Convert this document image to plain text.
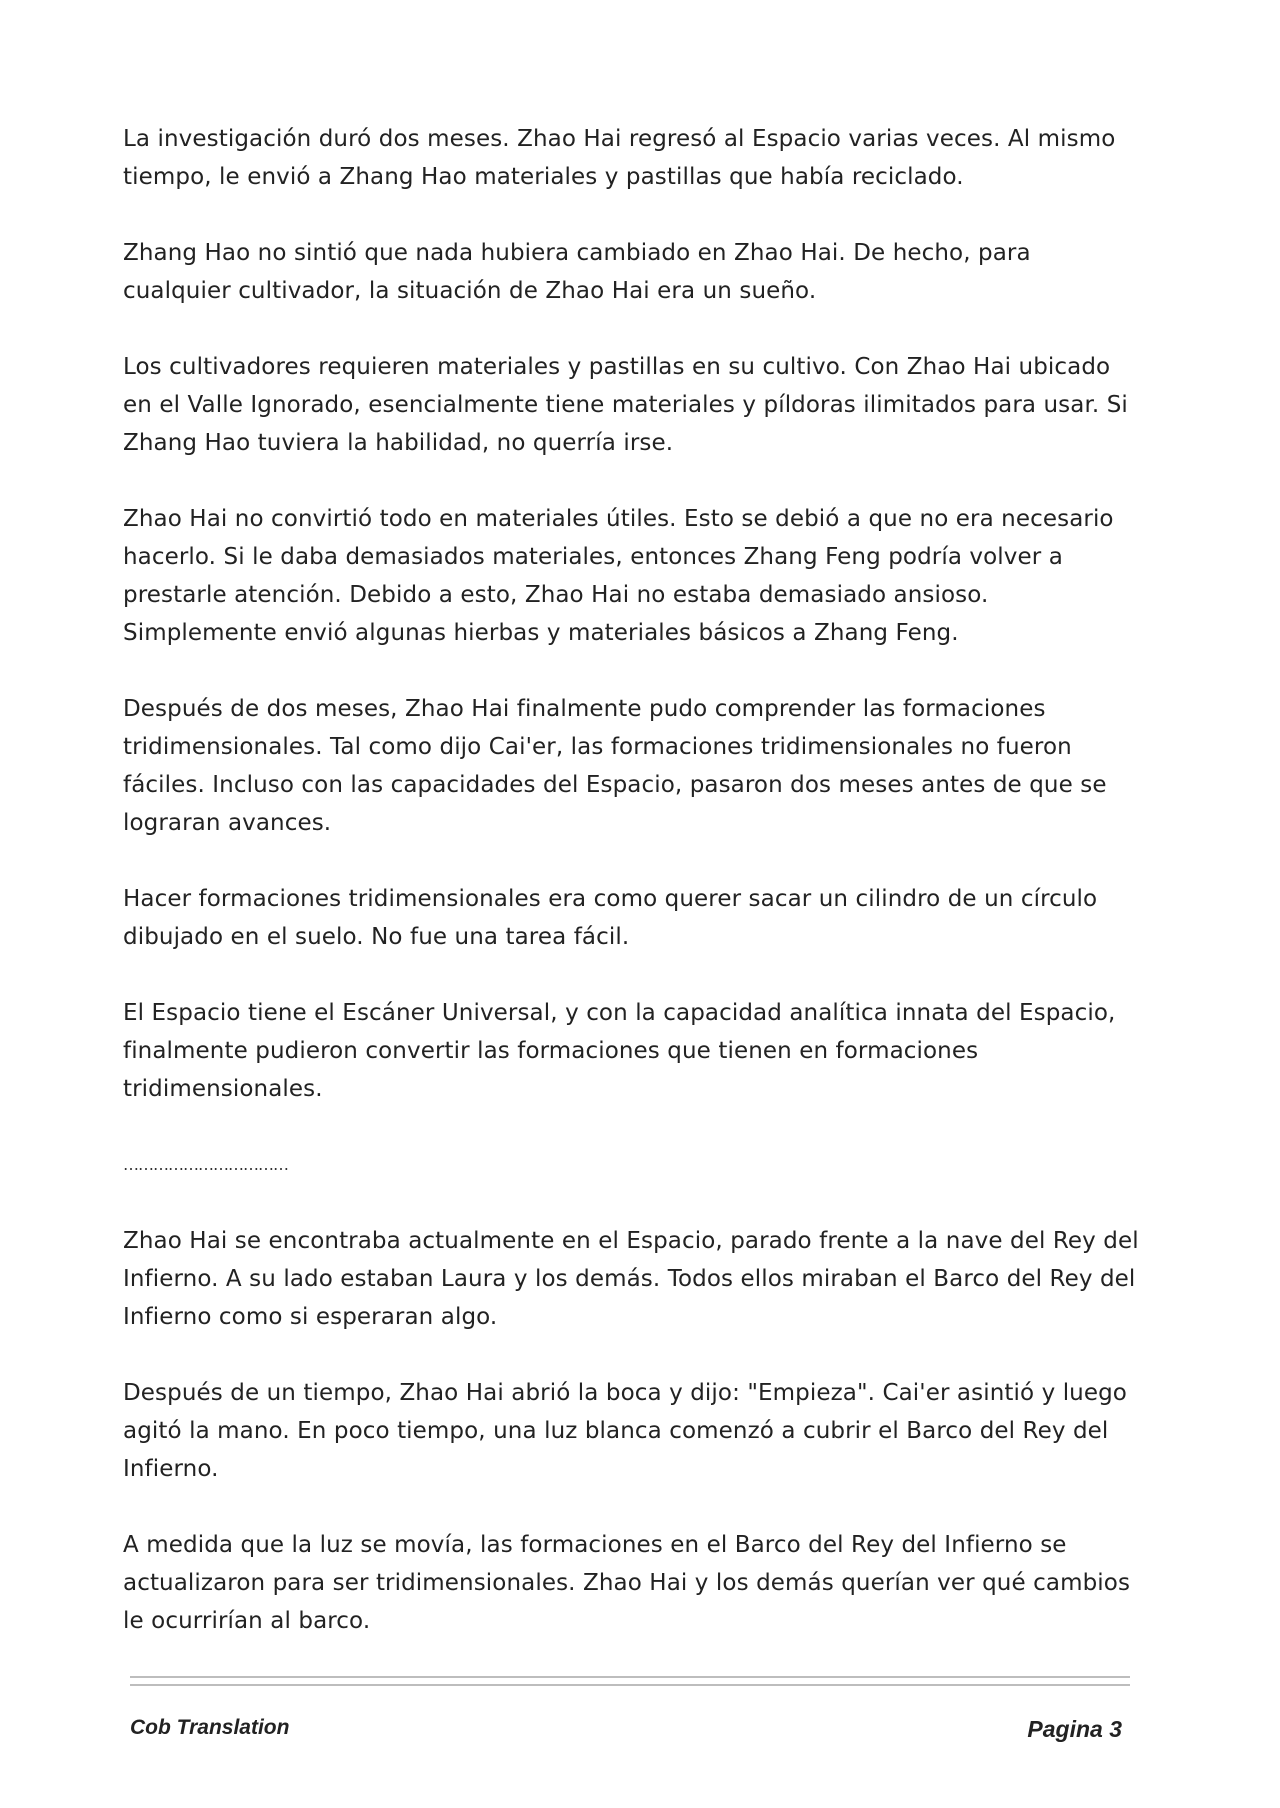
La investigación duró dos meses. Zhao Hai regresó al Espacio varias veces. Al mismo tiempo, le envió a Zhang Hao materiales y pastillas que había reciclado.

Zhang Hao no sintió que nada hubiera cambiado en Zhao Hai. De hecho, para cualquier cultivador, la situación de Zhao Hai era un sueño.

Los cultivadores requieren materiales y pastillas en su cultivo. Con Zhao Hai ubicado en el Valle Ignorado, esencialmente tiene materiales y píldoras ilimitados para usar. Si Zhang Hao tuviera la habilidad, no querría irse.

Zhao Hai no convirtió todo en materiales útiles. Esto se debió a que no era necesario hacerlo. Si le daba demasiados materiales, entonces Zhang Feng podría volver a prestarle atención. Debido a esto, Zhao Hai no estaba demasiado ansioso. Simplemente envió algunas hierbas y materiales básicos a Zhang Feng.

Después de dos meses, Zhao Hai finalmente pudo comprender las formaciones tridimensionales. Tal como dijo Cai'er, las formaciones tridimensionales no fueron fáciles. Incluso con las capacidades del Espacio, pasaron dos meses antes de que se lograran avances.

Hacer formaciones tridimensionales era como querer sacar un cilindro de un círculo dibujado en el suelo. No fue una tarea fácil.

El Espacio tiene el Escáner Universal, y con la capacidad analítica innata del Espacio, finalmente pudieron convertir las formaciones que tienen en formaciones tridimensionales.

……………………………

Zhao Hai se encontraba actualmente en el Espacio, parado frente a la nave del Rey del Infierno. A su lado estaban Laura y los demás. Todos ellos miraban el Barco del Rey del Infierno como si esperaran algo.

Después de un tiempo, Zhao Hai abrió la boca y dijo: "Empieza". Cai'er asintió y luego agitó la mano. En poco tiempo, una luz blanca comenzó a cubrir el Barco del Rey del Infierno.

A medida que la luz se movía, las formaciones en el Barco del Rey del Infierno se actualizaron para ser tridimensionales. Zhao Hai y los demás querían ver qué cambios le ocurrirían al barco.

Cob Translation	Pagina 3
